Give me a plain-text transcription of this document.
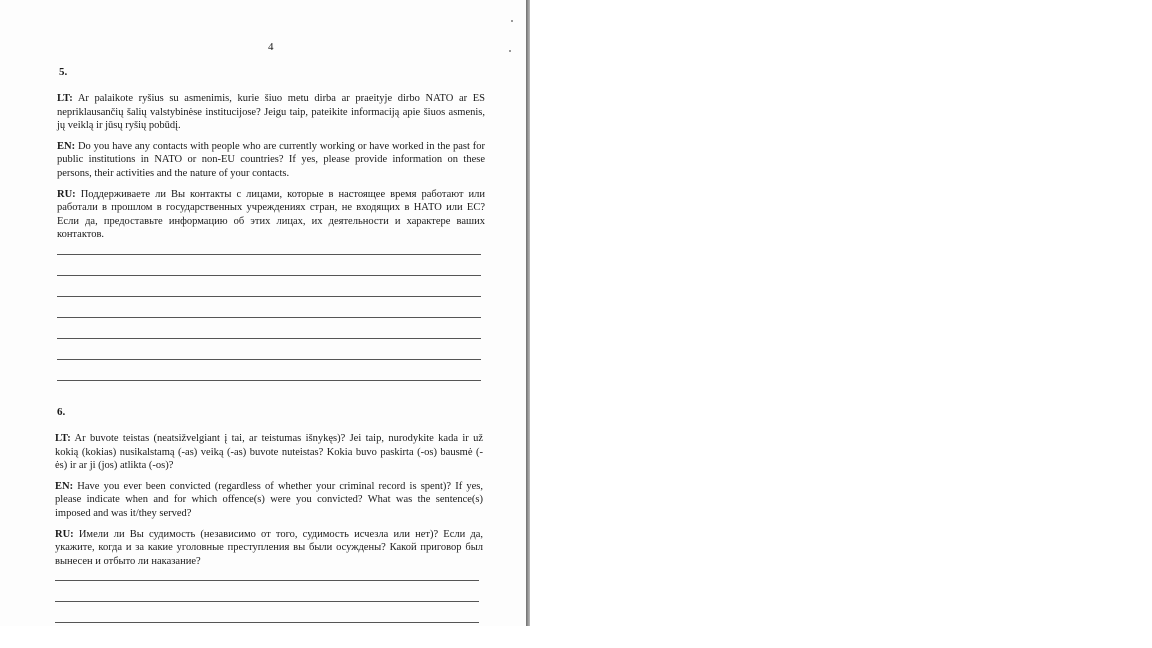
4
5.

LT: Ar palaikote ryšius su asmenimis, kurie šiuo metu dirba ar praeityje dirbo NATO ar ES nepriklausančių šalių valstybinėse institucijose? Jeigu taip, pateikite informaciją apie šiuos asmenis, jų veiklą ir jūsų ryšių pobūdį.

EN: Do you have any contacts with people who are currently working or have worked in the past for public institutions in NATO or non-EU countries? If yes, please provide information on these persons, their activities and the nature of your contacts.

RU: Поддерживаете ли Вы контакты с лицами, которые в настоящее время работают или работали в прошлом в государственных учреждениях стран, не входящих в НАТО или ЕС? Если да, предоставьте информацию об этих лицах, их деятельности и характере ваших контактов.

6.

LT: Ar buvote teistas (neatsižvelgiant į tai, ar teistumas išnykęs)? Jei taip, nurodykite kada ir už kokią (kokias) nusikalstamą (-as) veiką (-as) buvote nuteistas? Kokia buvo paskirta (-os) bausmė (-ės) ir ar ji (jos) atlikta (-os)?

EN: Have you ever been convicted (regardless of whether your criminal record is spent)? If yes, please indicate when and for which offence(s) were you convicted? What was the sentence(s) imposed and was it/they served?

RU: Имели ли Вы судимость (независимо от того, судимость исчезла или нет)? Если да, укажите, когда и за какие уголовные преступления вы были осуждены? Какой приговор был вынесен и отбыто ли наказание?
